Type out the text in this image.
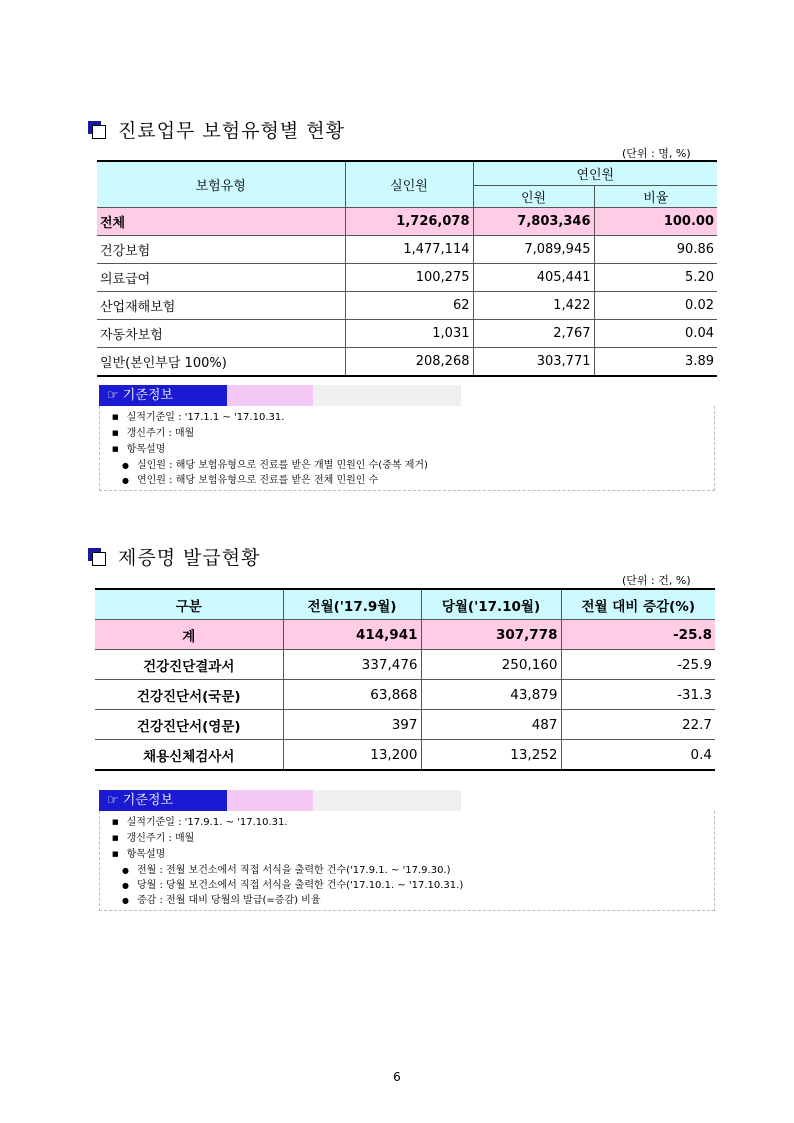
진료업무 보험유형별 현황
(단위 : 명, %)
보험유형	실인원	연인원	
		인원	비율
전체	1,726,078	7,803,346	100.00
건강보험	1,477,114	7,089,945	90.86
의료급여	100,275	405,441	5.20
산업재해보험	62	1,422	0.02
자동차보험	1,031	2,767	0.04
일반(본인부담 100%)	208,268	303,771	3.89
☞ 기준정보
■ 실적기준일 : '17.1.1 ~ '17.10.31.
■ 갱신주기 : 매월
■ 항목설명
● 실인원 : 해당 보험유형으로 진료를 받은 개별 민원인 수(중복 제거)
● 연인원 : 해당 보험유형으로 진료를 받은 전체 민원인 수
제증명 발급현황
(단위 : 건, %)
구분	전월('17.9월)	당월('17.10월)	전월 대비 증감(%)
계	414,941	307,778	-25.8
건강진단결과서	337,476	250,160	-25.9
건강진단서(국문)	63,868	43,879	-31.3
건강진단서(영문)	397	487	22.7
채용신체검사서	13,200	13,252	0.4
☞ 기준정보
■ 실적기준일 : '17.9.1. ~ '17.10.31.
■ 갱신주기 : 매월
■ 항목설명
● 전월 : 전월 보건소에서 직접 서식을 출력한 건수('17.9.1. ~ '17.9.30.)
● 당월 : 당월 보건소에서 직접 서식을 출력한 건수('17.10.1. ~ '17.10.31.)
● 증감 : 전월 대비 당월의 발급(=증감) 비율
6
